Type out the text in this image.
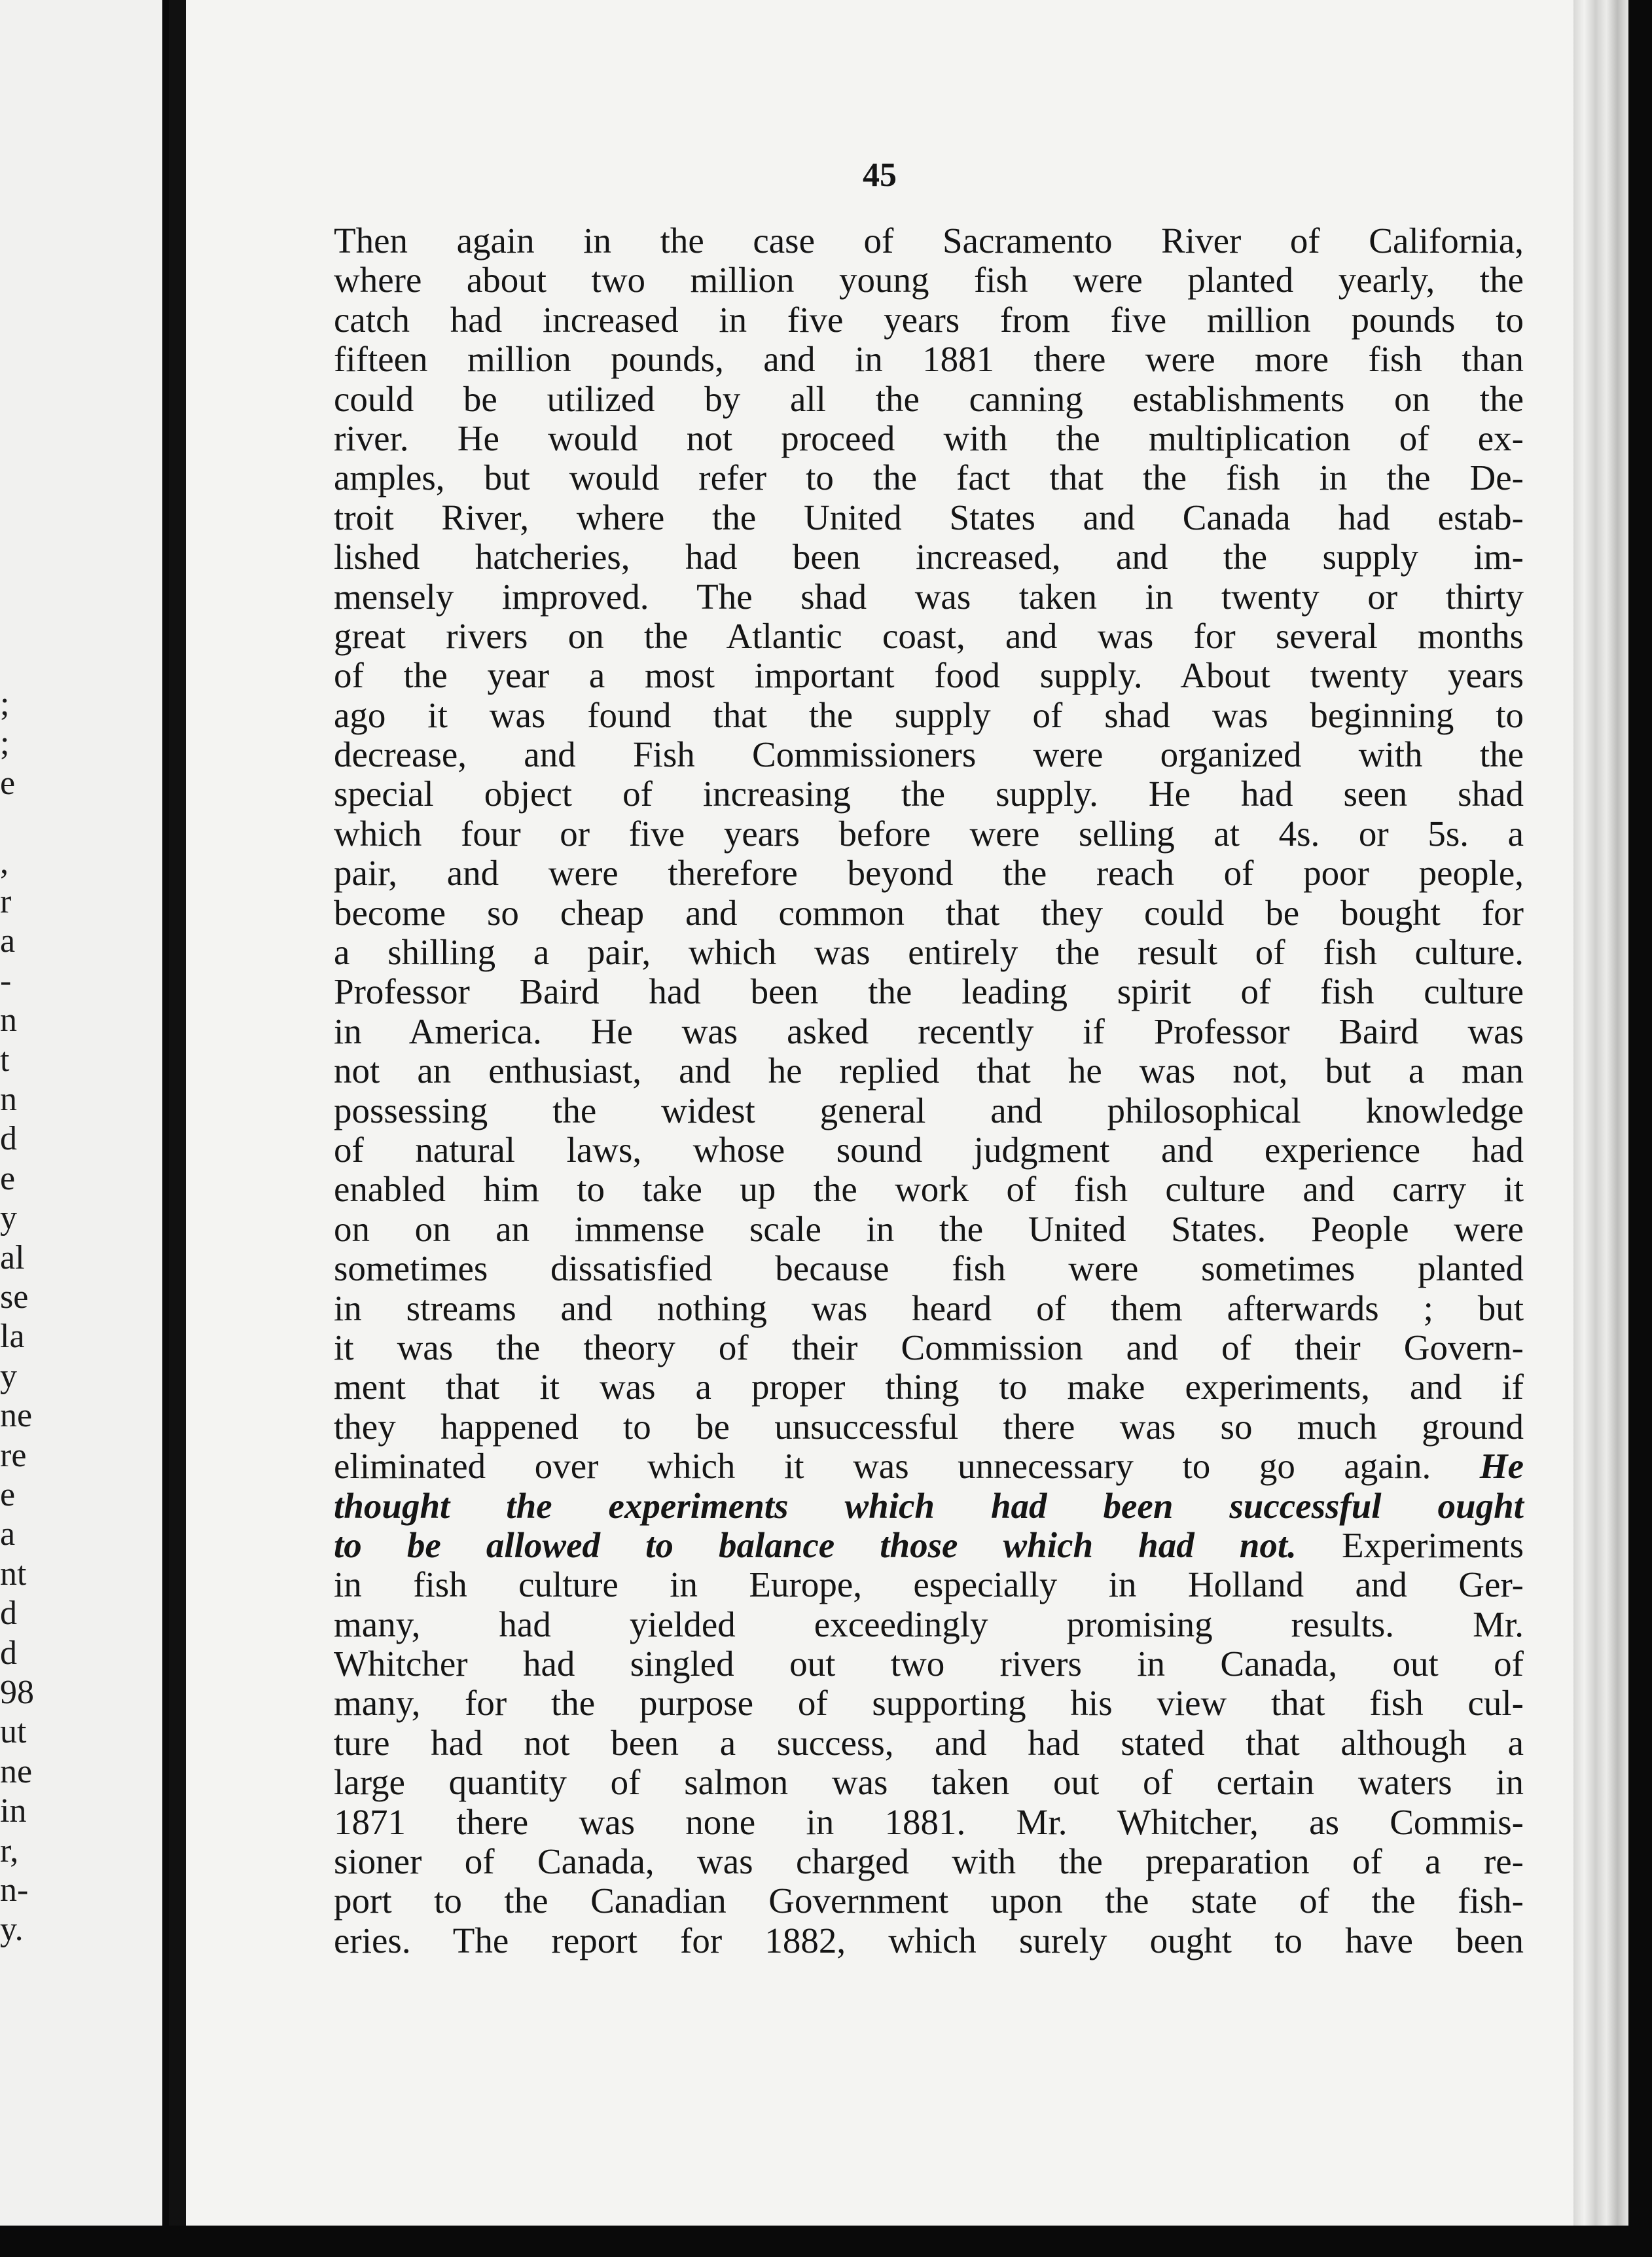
;
;
e
,
r
a
-
n
t
n
d
e
y
al
se
la
y
ne
re
e
a
nt
d
d
98
ut
ne
in
r,
n-
y.
45
Then again in the case of Sacramento River of California,
where about two million young fish were planted yearly, the
catch had increased in five years from five million pounds to
fifteen million pounds, and in 1881 there were more fish than
could be utilized by all the canning establishments on the
river. He would not proceed with the multiplication of ex-
amples, but would refer to the fact that the fish in the De-
troit River, where the United States and Canada had estab-
lished hatcheries, had been increased, and the supply im-
mensely improved. The shad was taken in twenty or thirty
great rivers on the Atlantic coast, and was for several months
of the year a most important food supply. About twenty years
ago it was found that the supply of shad was beginning to
decrease, and Fish Commissioners were organized with the
special object of increasing the supply. He had seen shad
which four or five years before were selling at 4s. or 5s. a
pair, and were therefore beyond the reach of poor people,
become so cheap and common that they could be bought for
a shilling a pair, which was entirely the result of fish culture.
Professor Baird had been the leading spirit of fish culture
in America. He was asked recently if Professor Baird was
not an enthusiast, and he replied that he was not, but a man
possessing the widest general and philosophical knowledge
of natural laws, whose sound judgment and experience had
enabled him to take up the work of fish culture and carry it
on on an immense scale in the United States. People were
sometimes dissatisfied because fish were sometimes planted
in streams and nothing was heard of them afterwards ; but
it was the theory of their Commission and of their Govern-
ment that it was a proper thing to make experiments, and if
they happened to be unsuccessful there was so much ground
eliminated over which it was unnecessary to go again. He
thought the experiments which had been successful ought
to be allowed to balance those which had not. Experiments
in fish culture in Europe, especially in Holland and Ger-
many, had yielded exceedingly promising results. Mr.
Whitcher had singled out two rivers in Canada, out of
many, for the purpose of supporting his view that fish cul-
ture had not been a success, and had stated that although a
large quantity of salmon was taken out of certain waters in
1871 there was none in 1881. Mr. Whitcher, as Commis-
sioner of Canada, was charged with the preparation of a re-
port to the Canadian Government upon the state of the fish-
eries. The report for 1882, which surely ought to have been
